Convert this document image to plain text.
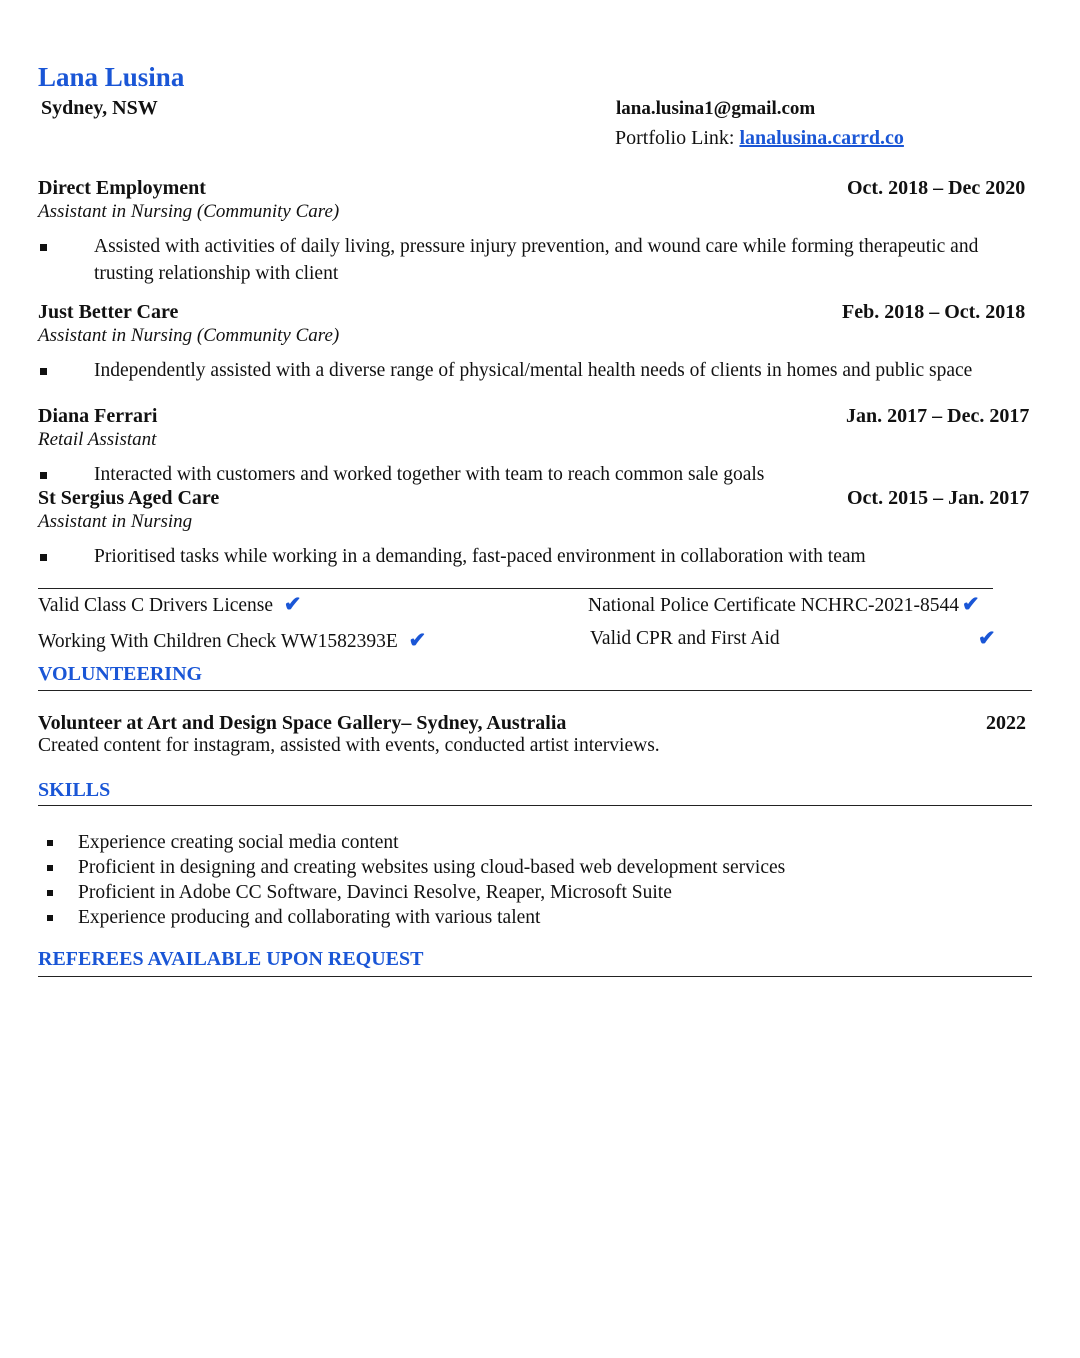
Lana Lusina
Sydney, NSW	lana.lusina1@gmail.com
Portfolio Link: lanalusina.carrd.co
Direct Employment	Oct. 2018 – Dec 2020
Assistant in Nursing (Community Care)
Assisted with activities of daily living, pressure injury prevention, and wound care while forming therapeutic and trusting relationship with client
Just Better Care	Feb. 2018 – Oct. 2018
Assistant in Nursing (Community Care)
Independently assisted with a diverse range of physical/mental health needs of clients in homes and public space
Diana Ferrari	Jan. 2017 – Dec. 2017
Retail Assistant
Interacted with customers and worked together with team to reach common sale goals
St Sergius Aged Care	Oct. 2015 – Jan. 2017
Assistant in Nursing
Prioritised tasks while working in a demanding, fast-paced environment in collaboration with team
Valid Class C Drivers License ✔	National Police Certificate NCHRC-2021-8544 ✔
Working With Children Check WW1582393E ✔	Valid CPR and First Aid	✔
VOLUNTEERING
Volunteer at Art and Design Space Gallery– Sydney, Australia	2022
Created content for instagram, assisted with events, conducted artist interviews.
SKILLS
Experience creating social media content
Proficient in designing and creating websites using cloud-based web development services
Proficient in Adobe CC Software, Davinci Resolve, Reaper, Microsoft Suite
Experience producing and collaborating with various talent
REFEREES AVAILABLE UPON REQUEST
